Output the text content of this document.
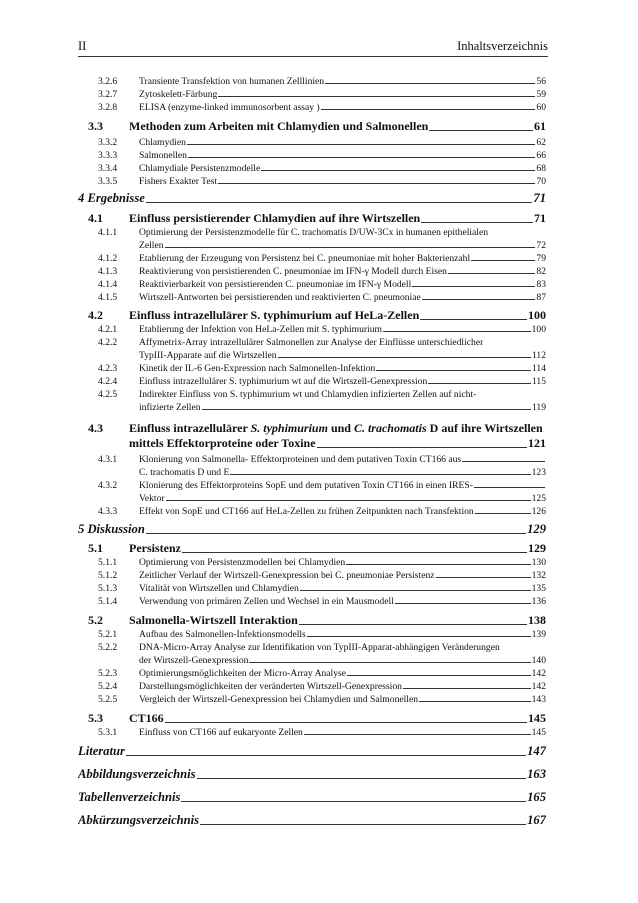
II	Inhaltsverzeichnis
3.2.6	Transiente Transfektion von humanen Zelllinien	56
3.2.7	Zytoskelett-Färbung	59
3.2.8	ELISA (enzyme-linked immunosorbent assay )	60
3.3	Methoden zum Arbeiten mit Chlamydien und Salmonellen	61
3.3.2	Chlamydien	62
3.3.3	Salmonellen	66
3.3.4	Chlamydiale Persistenzmodelle	68
3.3.5	Fishers Exakter Test	70
4 Ergebnisse	71
4.1	Einfluss persistierender Chlamydien auf ihre Wirtszellen	71
4.1.1	Optimierung der Persistenzmodelle für C. trachomatis D/UW-3Cx in humanen epithelialen
Zellen	72
4.1.2	Etablierung der Erzeugung von Persistenz bei C. pneumoniae mit hoher Bakterienzahl	79
4.1.3	Reaktivierung von persistierenden C. pneumoniae im IFN-γ Modell durch Eisen	82
4.1.4	Reaktivierbarkeit von persistierenden C. pneumoniae im IFN-γ Modell	83
4.1.5	Wirtszell-Antworten bei persistierenden und reaktivierten C. pneumoniae	87
4.2	Einfluss intrazellulärer S. typhimurium auf HeLa-Zellen	100
4.2.1	Etablierung der Infektion von HeLa-Zellen mit S. typhimurium	100
4.2.2	Affymetrix-Array intrazellulärer Salmonellen zur Analyse der Einflüsse unterschiedlicher
TypIII-Apparate auf die Wirtszellen	112
4.2.3	Kinetik der IL-6 Gen-Expression nach Salmonellen-Infektion	114
4.2.4	Einfluss intrazellulärer S. typhimurium wt auf die Wirtszell-Genexpression	115
4.2.5	Indirekter Einfluss von S. typhimurium wt und Chlamydien infizierten Zellen auf nicht-
infizierte Zellen	119
4.3	Einfluss intrazellulärer S. typhimurium und C. trachomatis D auf ihre Wirtszellen
mittels Effektorproteine oder Toxine	121
4.3.1	Klonierung von Salmonella- Effektorproteinen und dem putativen Toxin CT166 aus
C. trachomatis D und E	123
4.3.2	Klonierung des Effektorproteins SopE und dem putativen Toxin CT166 in einen IRES-
Vektor	125
4.3.3	Effekt von SopE und CT166 auf HeLa-Zellen zu frühen Zeitpunkten nach Transfektion	126
5 Diskussion	129
5.1	Persistenz	129
5.1.1	Optimierung von Persistenzmodellen bei Chlamydien	130
5.1.2	Zeitlicher Verlauf der Wirtszell-Genexpression bei C. pneumoniae Persistenz	132
5.1.3	Vitalität von Wirtszellen und Chlamydien	135
5.1.4	Verwendung von primären Zellen und Wechsel in ein Mausmodell	136
5.2	Salmonella-Wirtszell Interaktion	138
5.2.1	Aufbau des Salmonellen-Infektionsmodells	139
5.2.2	DNA-Micro-Array Analyse zur Identifikation von TypIII-Apparat-abhängigen Veränderungen
der Wirtszell-Genexpression	140
5.2.3	Optimierungsmöglichkeiten der Micro-Array Analyse	142
5.2.4	Darstellungsmöglichkeiten der veränderten Wirtszell-Genexpression	142
5.2.5	Vergleich der Wirtszell-Genexpression bei Chlamydien und Salmonellen	143
5.3	CT166	145
5.3.1	Einfluss von CT166 auf eukaryonte Zellen	145
Literatur	147
Abbildungsverzeichnis	163
Tabellenverzeichnis	165
Abkürzungsverzeichnis	167
